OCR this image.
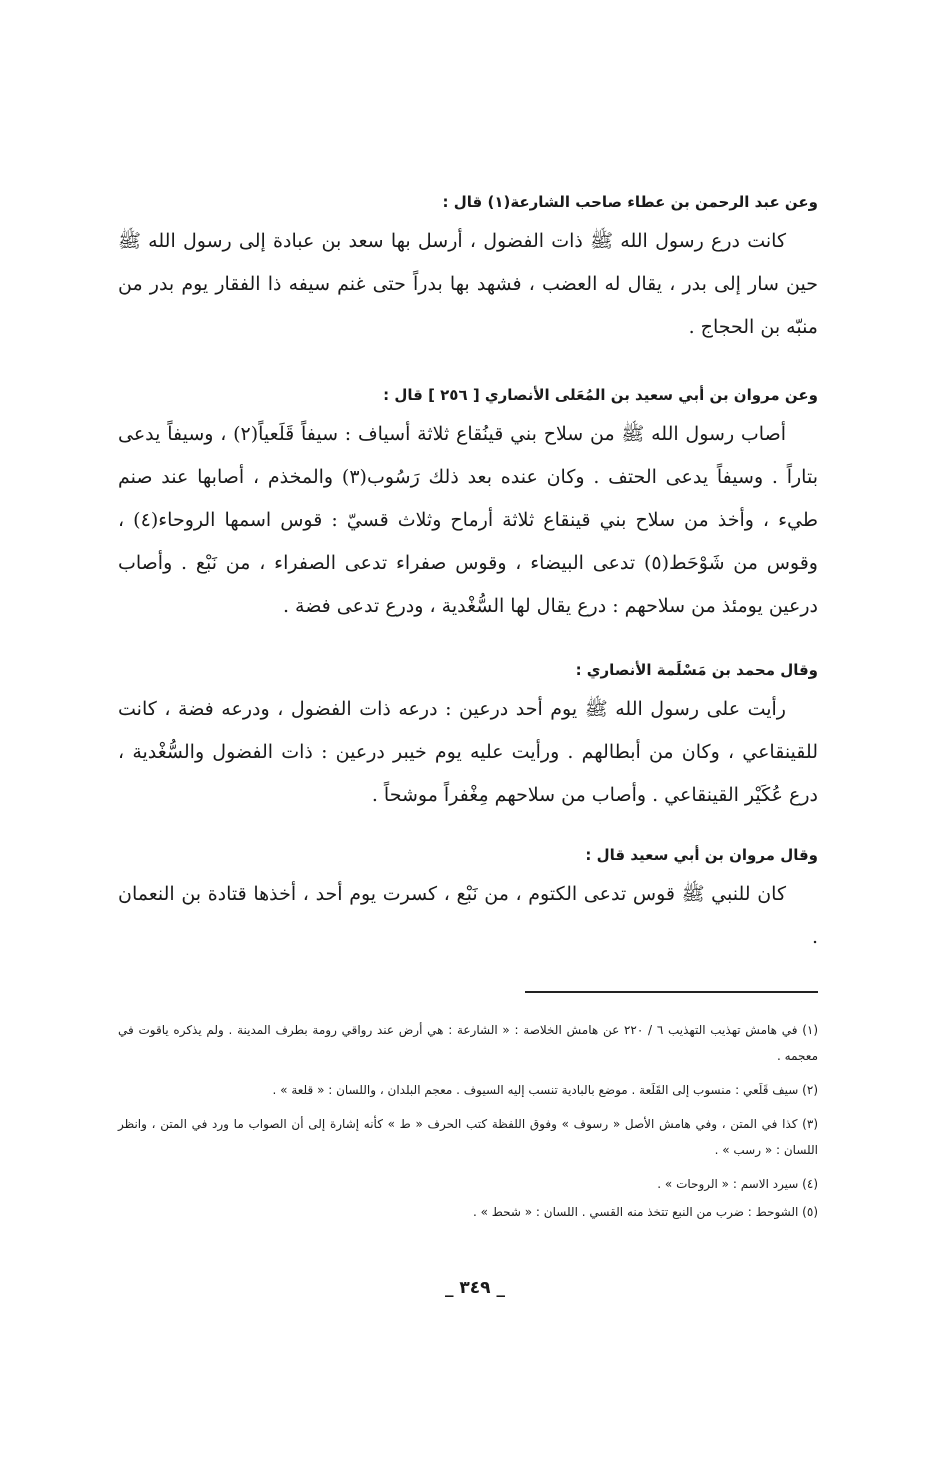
وعن عبد الرحمن بن عطاء صاحب الشارعة(١) قال :

كانت درع رسول الله ﷺ ذات الفضول ، أرسل بها سعد بن عبادة إلى رسول الله ﷺ حين سار إلى بدر ، يقال له العضب ، فشهد بها بدراً حتى غنم سيفه ذا الفقار يوم بدر من منبّه بن الحجاج .

وعن مروان بن أبي سعيد بن المُعَلى الأنصاري [ ٢٥٦ ] قال :

أصاب رسول الله ﷺ من سلاح بني قينُقاع ثلاثة أسياف : سيفاً قَلَعياً(٢) ، وسيفاً يدعى بتاراً . وسيفاً يدعى الحتف . وكان عنده بعد ذلك رَسُوب(٣) والمخذم ، أصابها عند صنم طيء ، وأخذ من سلاح بني قينقاع ثلاثة أرماح وثلاث قسيّ : قوس اسمها الروحاء(٤) ، وقوس من شَوْحَط(٥) تدعى البيضاء ، وقوس صفراء تدعى الصفراء ، من نَبْع . وأصاب درعين يومئذ من سلاحهم : درع يقال لها السُّغْدية ، ودرع تدعى فضة .

وقال محمد بن مَسْلَمة الأنصاري :

رأيت على رسول الله ﷺ يوم أحد درعين : درعه ذات الفضول ، ودرعه فضة ، كانت للقينقاعي ، وكان من أبطالهم . ورأيت عليه يوم خيبر درعين : ذات الفضول والسُّغْدية ، درع عُكَيْر القينقاعي . وأصاب من سلاحهم مِغْفراً موشحاً .

وقال مروان بن أبي سعيد قال :

كان للنبي ﷺ قوس تدعى الكتوم ، من نَبْع ، كسرت يوم أحد ، أخذها قتادة بن النعمان .

(١) في هامش تهذيب التهذيب ٦ / ٢٢٠ عن هامش الخلاصة : « الشارعة : هي أرض عند رواقي رومة بطرف المدينة . ولم يذكره ياقوت في معجمه .

(٢) سيف قَلَعي : منسوب إلى القَلَعة . موضع بالبادية تنسب إليه السيوف . معجم البلدان ، واللسان : « قلعة » .

(٣) كذا في المتن ، وفي هامش الأصل « رسوف » وفوق اللفظة كتب الحرف « ط » كأنه إشارة إلى أن الصواب ما ورد في المتن ، وانظر اللسان : « رسب » .

(٤) سيرد الاسم : « الروحات » .

(٥) الشوحط : ضرب من النبع تتخذ منه القسي . اللسان : « شحط » .

_ ٣٤٩ _
